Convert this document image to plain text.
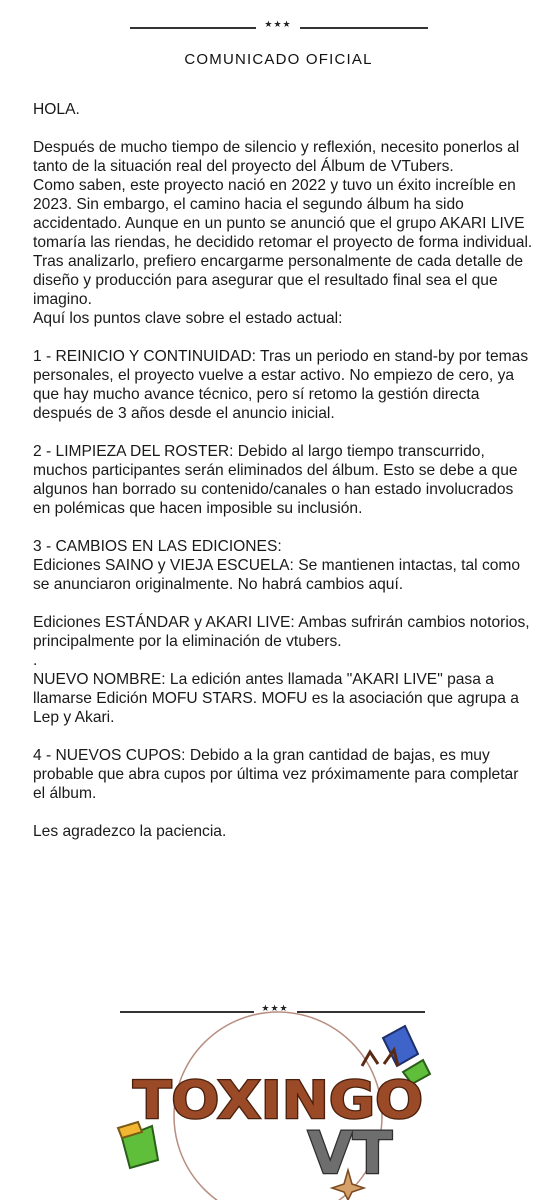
★★★
COMUNICADO OFICIAL

HOLA.

Después de mucho tiempo de silencio y reflexión, necesito ponerlos al tanto de la situación real del proyecto del Álbum de VTubers.

Como saben, este proyecto nació en 2022 y tuvo un éxito increíble en 2023. Sin embargo, el camino hacia el segundo álbum ha sido accidentado. Aunque en un punto se anunció que el grupo AKARI LIVE tomaría las riendas, he decidido retomar el proyecto de forma individual. Tras analizarlo, prefiero encargarme personalmente de cada detalle de diseño y producción para asegurar que el resultado final sea el que imagino.

Aquí los puntos clave sobre el estado actual:

1 - REINICIO Y CONTINUIDAD: Tras un periodo en stand-by por temas personales, el proyecto vuelve a estar activo. No empiezo de cero, ya que hay mucho avance técnico, pero sí retomo la gestión directa después de 3 años desde el anuncio inicial.

2 - LIMPIEZA DEL ROSTER: Debido al largo tiempo transcurrido, muchos participantes serán eliminados del álbum. Esto se debe a que algunos han borrado su contenido/canales o han estado involucrados en polémicas que hacen imposible su inclusión.

3 - CAMBIOS EN LAS EDICIONES:

Ediciones SAINO y VIEJA ESCUELA: Se mantienen intactas, tal como se anunciaron originalmente. No habrá cambios aquí.

Ediciones ESTÁNDAR y AKARI LIVE: Ambas sufrirán cambios notorios, principalmente por la eliminación de vtubers.

.

NUEVO NOMBRE: La edición antes llamada "AKARI LIVE" pasa a llamarse Edición MOFU STARS. MOFU es la asociación que agrupa a Lep y Akari.

4 - NUEVOS CUPOS: Debido a la gran cantidad de bajas, es muy probable que abra cupos por última vez próximamente para completar el álbum.

Les agradezco la paciencia.

★★★
TOXINGO
VT
